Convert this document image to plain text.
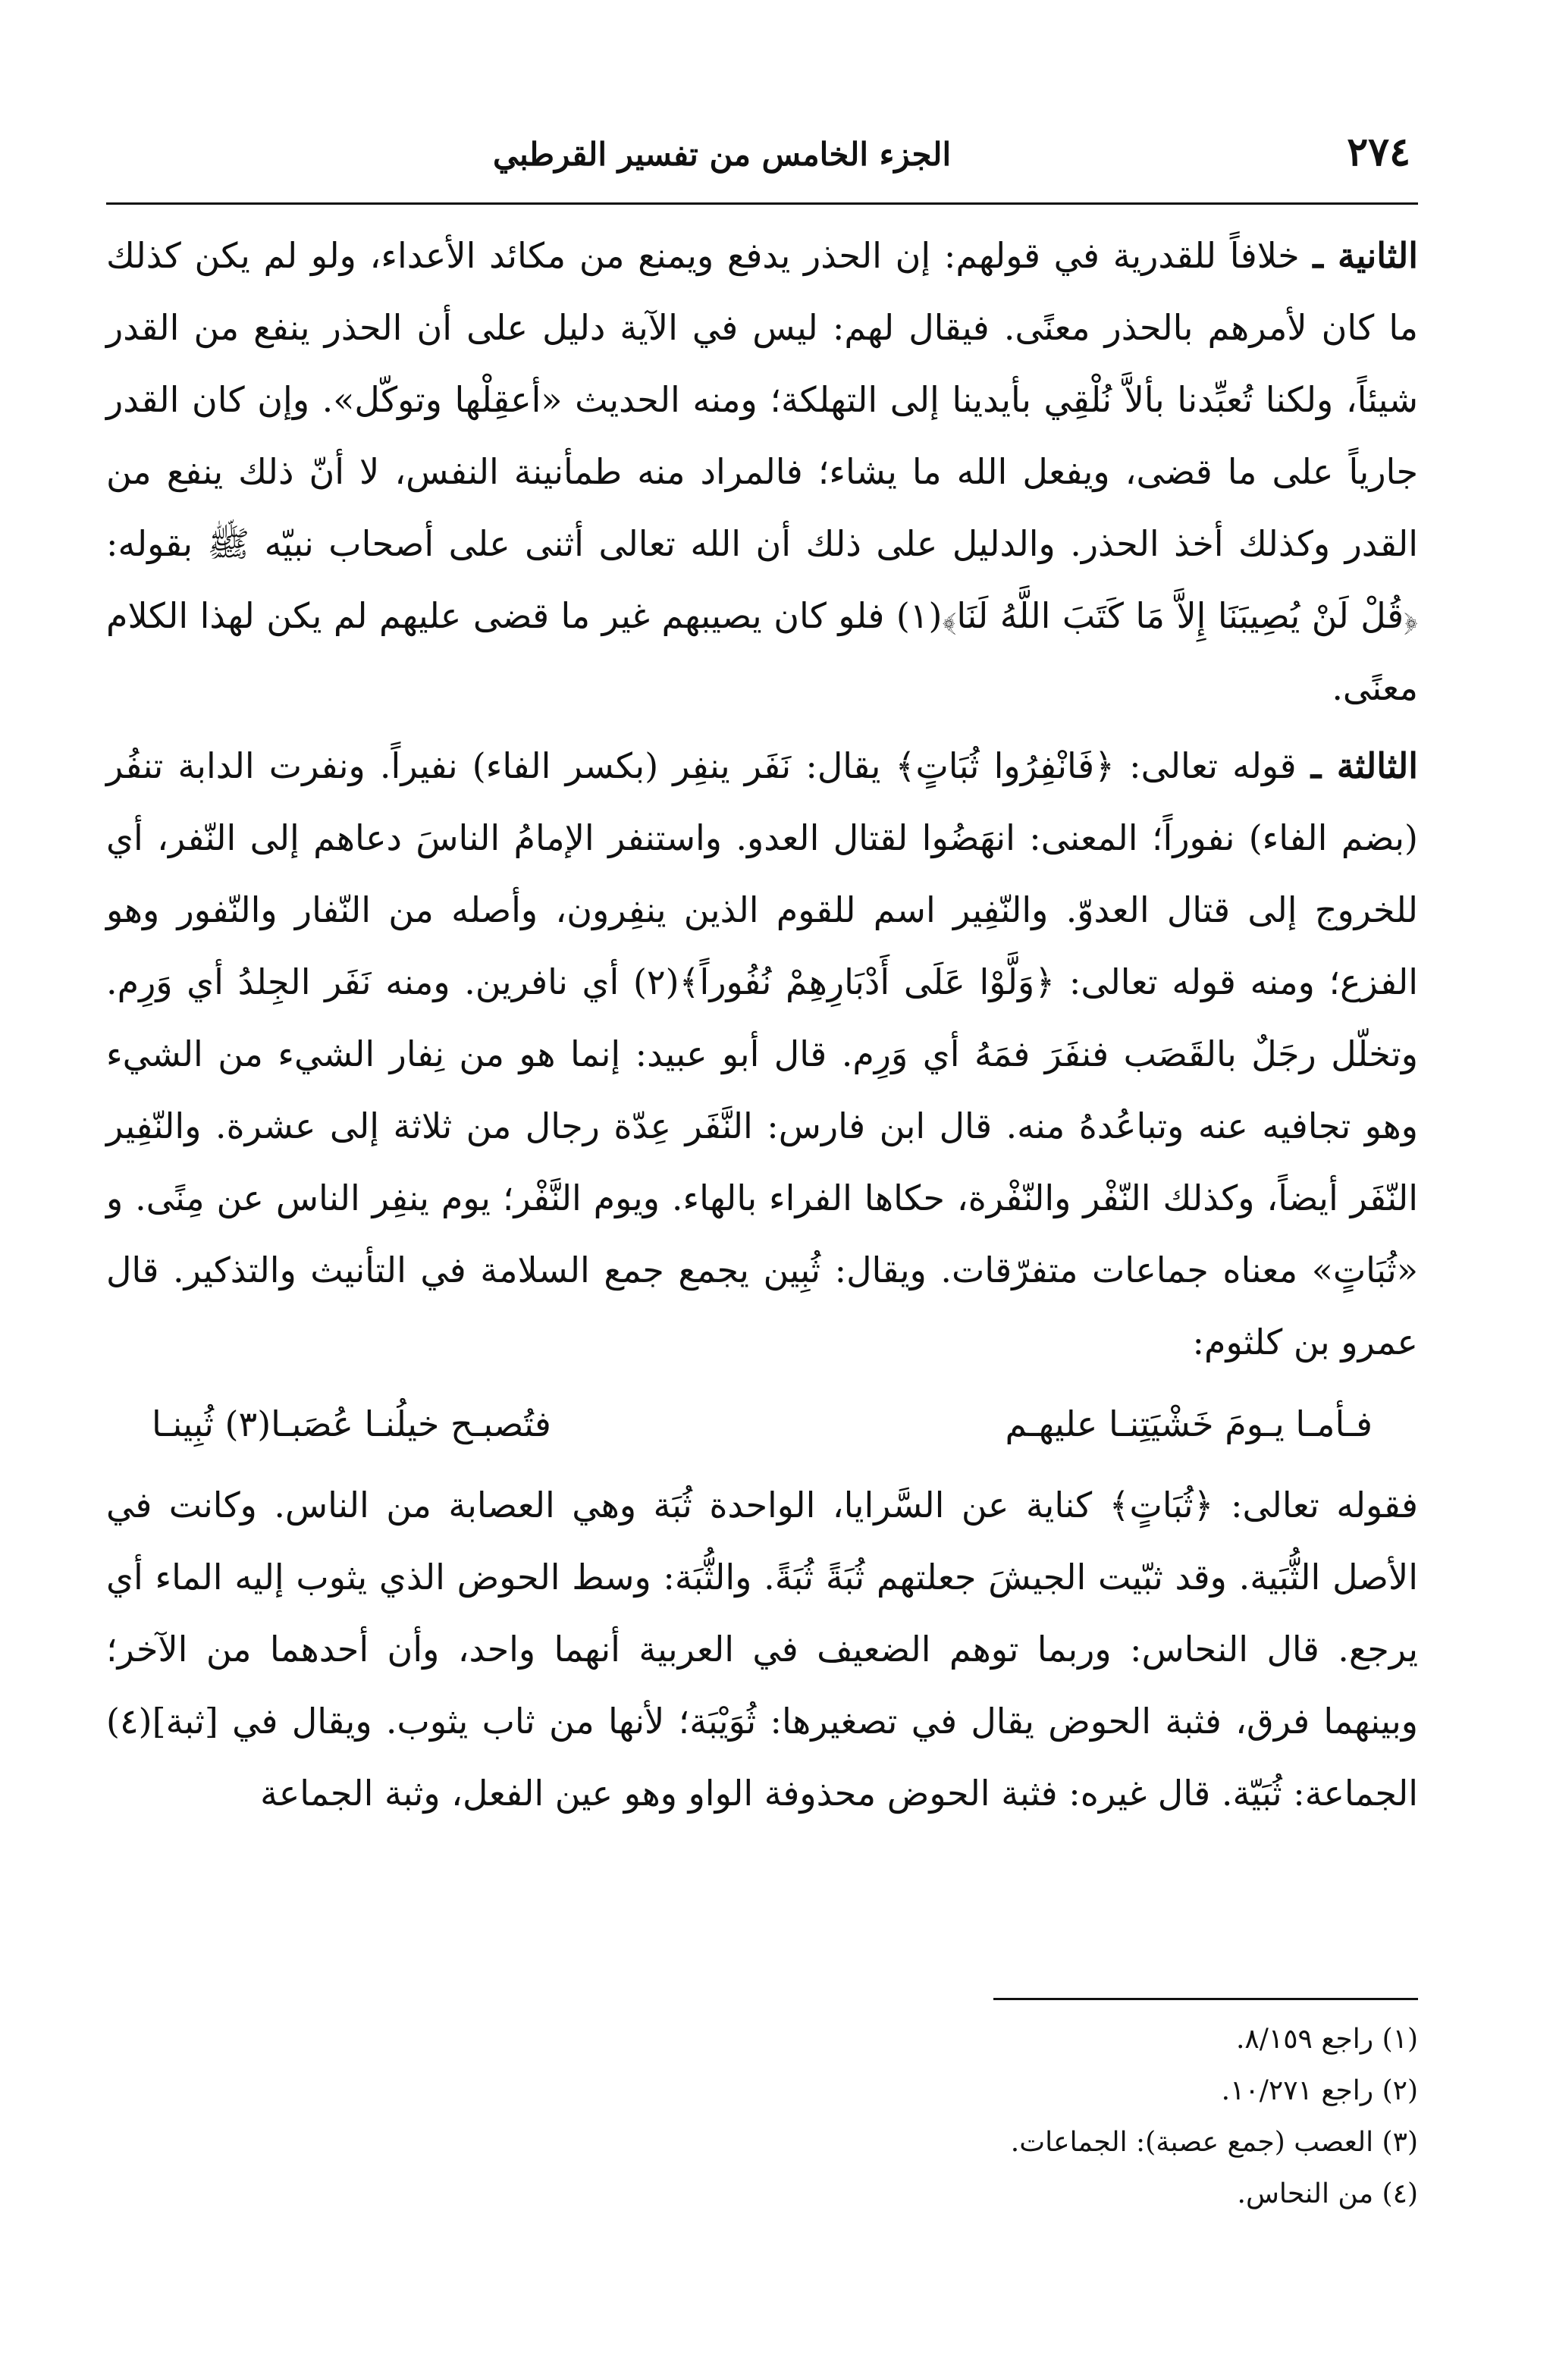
٢٧٤
الجزء الخامس من تفسير القرطبي

الثانية ـ خلافاً للقدرية في قولهم: إن الحذر يدفع ويمنع من مكائد الأعداء، ولو لم يكن كذلك ما كان لأمرهم بالحذر معنًى. فيقال لهم: ليس في الآية دليل على أن الحذر ينفع من القدر شيئاً، ولكنا تُعبِّدنا بألاَّ نُلْقِي بأيدينا إلى التهلكة؛ ومنه الحديث «أعقِلْها وتوكّل». وإن كان القدر جارياً على ما قضى، ويفعل الله ما يشاء؛ فالمراد منه طمأنينة النفس، لا أنّ ذلك ينفع من القدر وكذلك أخذ الحذر. والدليل على ذلك أن الله تعالى أثنى على أصحاب نبيّه ﷺ بقوله: ﴿قُلْ لَنْ يُصِيبَنَا إِلاَّ مَا كَتَبَ اللَّهُ لَنَا﴾(١) فلو كان يصيبهم غير ما قضى عليهم لم يكن لهذا الكلام معنًى.

الثالثة ـ قوله تعالى: ﴿فَانْفِرُوا ثُبَاتٍ﴾ يقال: نَفَر ينفِر (بكسر الفاء) نفيراً. ونفرت الدابة تنفُر (بضم الفاء) نفوراً؛ المعنى: انهَضُوا لقتال العدو. واستنفر الإمامُ الناسَ دعاهم إلى النّفر، أي للخروج إلى قتال العدوّ. والنّفِير اسم للقوم الذين ينفِرون، وأصله من النّفار والنّفور وهو الفزع؛ ومنه قوله تعالى: ﴿وَلَّوْا عَلَى أَدْبَارِهِمْ نُفُوراً﴾(٢) أي نافرين. ومنه نَفَر الجِلدُ أي وَرِم. وتخلّل رجَلٌ بالقَصَب فنفَرَ فمَهُ أي وَرِم. قال أبو عبيد: إنما هو من نِفار الشيء من الشيء وهو تجافيه عنه وتباعُدهُ منه. قال ابن فارس: النَّفَر عِدّة رجال من ثلاثة إلى عشرة. والنّفِير النّفَر أيضاً، وكذلك النّفْر والنّفْرة، حكاها الفراء بالهاء. ويوم النَّفْر؛ يوم ينفِر الناس عن مِنًى. و «ثُبَاتٍ» معناه جماعات متفرّقات. ويقال: ثُبِين يجمع جمع السلامة في التأنيث والتذكير. قال عمرو بن كلثوم:

فـأمـا يـومَ خَشْيَتِنـا عليهـم
فتُصبـح خيلُنـا عُصَبـا(٣) ثُبِينـا

فقوله تعالى: ﴿ثُبَاتٍ﴾ كناية عن السَّرايا، الواحدة ثُبَة وهي العصابة من الناس. وكانت في الأصل الثُّبَية. وقد ثبّيت الجيشَ جعلتهم ثُبَةً ثُبَةً. والثُّبَة: وسط الحوض الذي يثوب إليه الماء أي يرجع. قال النحاس: وربما توهم الضعيف في العربية أنهما واحد، وأن أحدهما من الآخر؛ وبينهما فرق، فثبة الحوض يقال في تصغيرها: ثُوَيْبَة؛ لأنها من ثاب يثوب. ويقال في [ثبة](٤) الجماعة: ثُبَيّة. قال غيره: فثبة الحوض محذوفة الواو وهو عين الفعل، وثبة الجماعة

(١) راجع ٨/١٥٩.
(٢) راجع ١٠/٢٧١.
(٣) العصب (جمع عصبة): الجماعات.
(٤) من النحاس.
